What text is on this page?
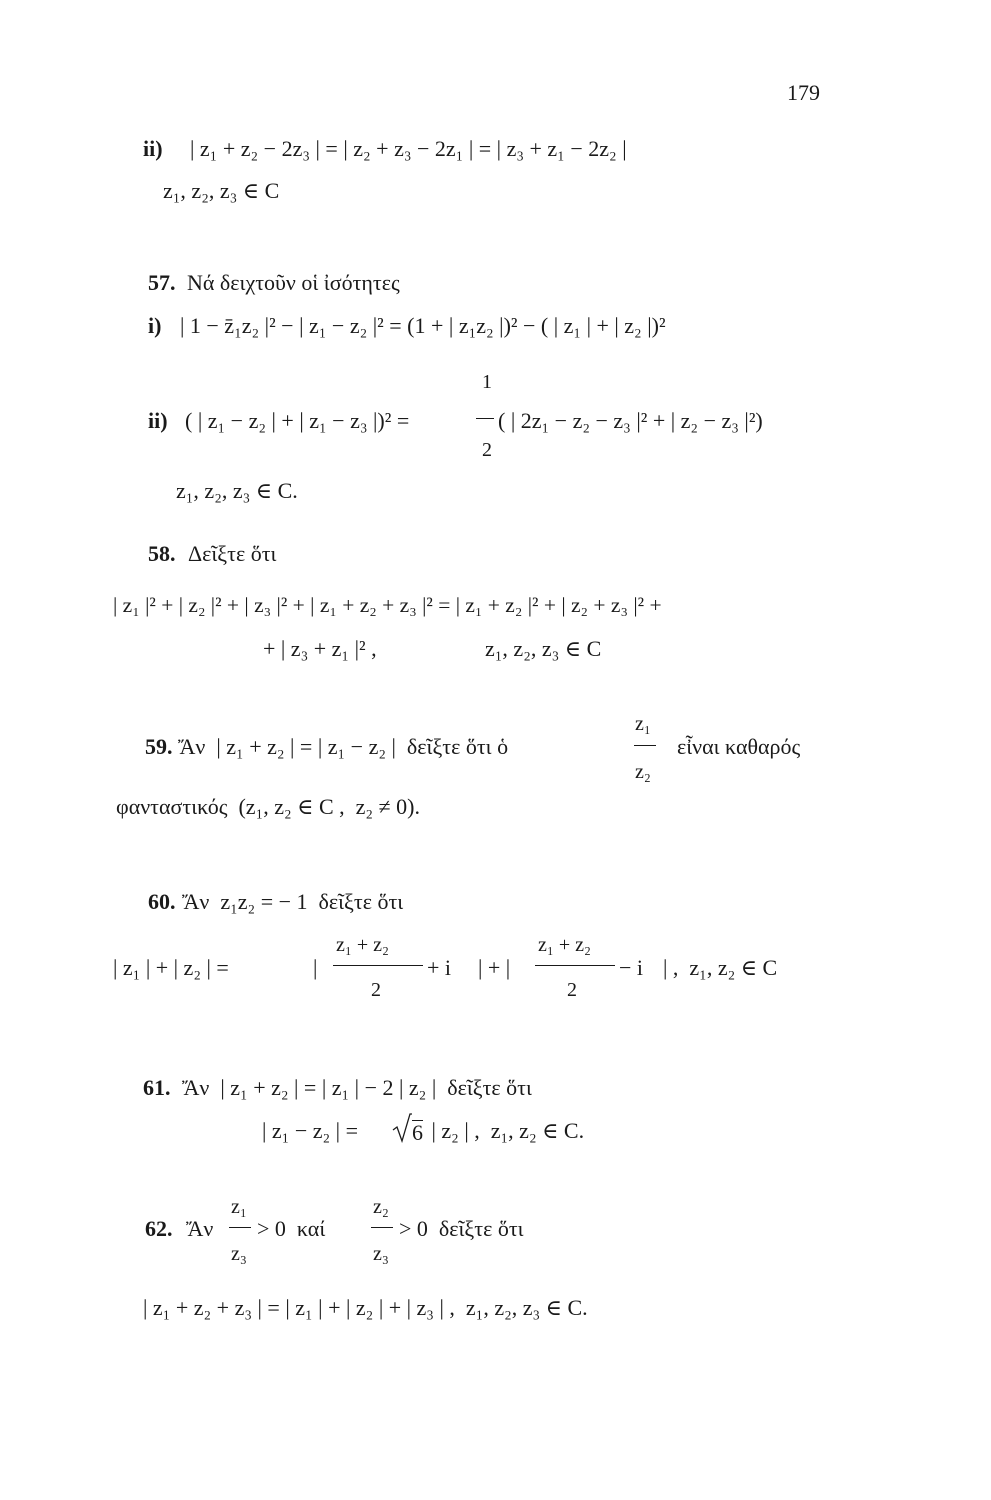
179
ii) | z₁ + z₂ − 2z₃ | = | z₂ + z₃ − 2z₁ | = | z₃ + z₁ − 2z₂ |
z₁, z₂, z₃ ∈ C
57. Νά δειχτοῦν οἱ ἰσότητες
i) | 1 − z̄₁z₂ |² − | z₁ − z₂ |² = (1 + | z₁z₂ |)² − ( | z₁ | + | z₂ |)²
ii) ( | z₁ − z₂ | + | z₁ − z₃ |)² =
1
2
( | 2z₁ − z₂ − z₃ |² + | z₂ − z₃ |²)
z₁, z₂, z₃ ∈ C.
58. Δεῖξτε ὅτι
| z₁ |² + | z₂ |² + | z₃ |² + | z₁ + z₂ + z₃ |² = | z₁ + z₂ |² + | z₂ + z₃ |² +
+ | z₃ + z₁ |² ,	z₁, z₂, z₃ ∈ C
59. Ἄν  | z₁ + z₂ | = | z₁ − z₂ |  δεῖξτε ὅτι ὁ
z₁
z₂
εἶναι καθαρός
φανταστικός  (z₁, z₂ ∈ C ,  z₂ ≠ 0).
60. Ἄν  z₁z₂ = − 1  δεῖξτε ὅτι
| z₁ | + | z₂ | =	|
z₁ + z₂
2
+ i | + |
z₁ + z₂
2
− i | ,  z₁, z₂ ∈ C
61. Ἄν  | z₁ + z₂ | = | z₁ | − 2 | z₂ |  δεῖξτε ὅτι
| z₁ − z₂ | = 6 | z₂ | ,  z₁, z₂ ∈ C.
62. Ἄν
z₁
z₃
> 0  καί
z₂
z₃
> 0  δεῖξτε ὅτι
| z₁ + z₂ + z₃ | = | z₁ | + | z₂ | + | z₃ | ,  z₁, z₂, z₃ ∈ C.
